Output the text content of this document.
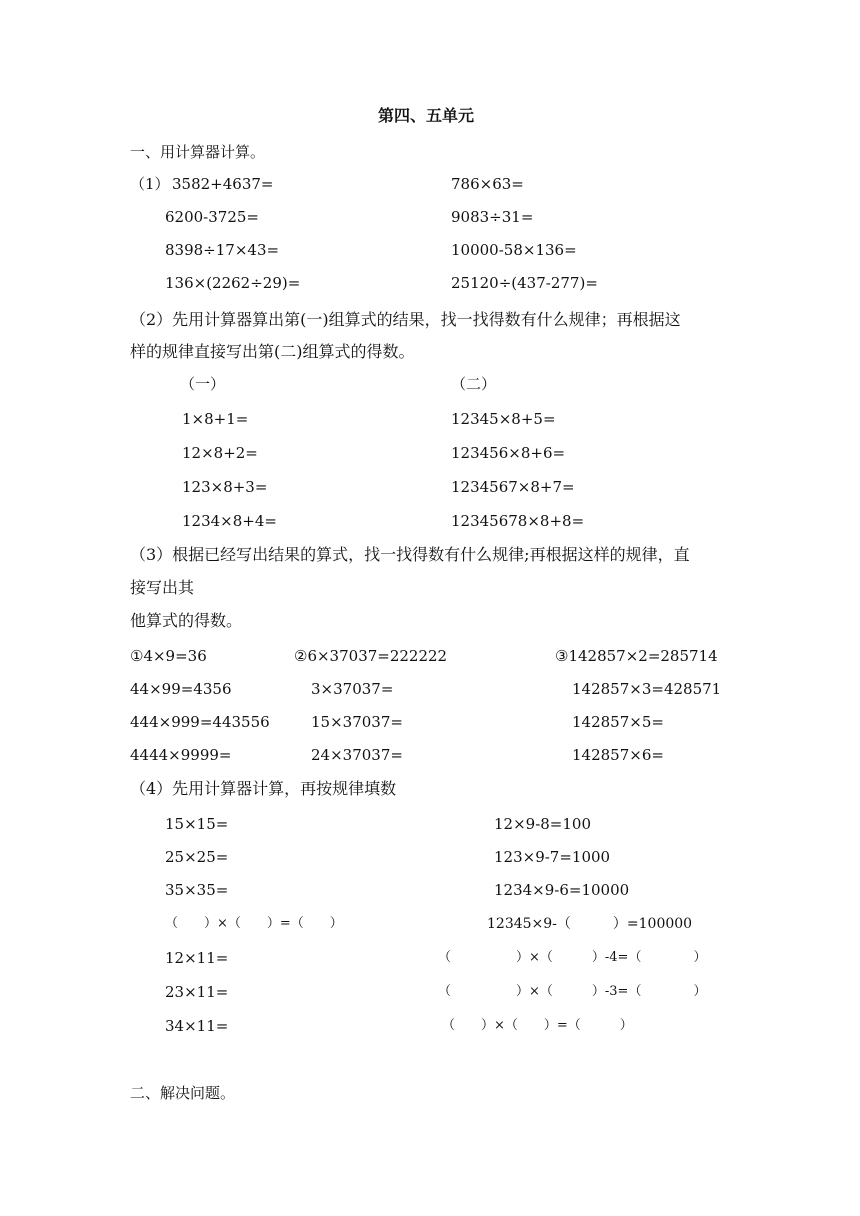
第四、五单元
一、用计算器计算。
（1） 3582+4637=
6200-3725=
8398÷17×43=
136×(2262÷29)=
786×63=
9083÷31=
10000-58×136=
25120÷(437-277)=
（2）先用计算器算出第(一)组算式的结果，找一找得数有什么规律；再根据这
样的规律直接写出第(二)组算式的得数。
（一）	（二）
1×8+1=
12×8+2=
123×8+3=
1234×8+4=
12345×8+5=
123456×8+6=
1234567×8+7=
12345678×8+8=
（3）根据已经写出结果的算式，找一找得数有什么规律;再根据这样的规律，直
接写出其
他算式的得数。
①4×9=36
44×99=4356
444×999=443556
4444×9999=
②6×37037=222222
3×37037=
15×37037=
24×37037=
③142857×2=285714
142857×3=428571
142857×5=
142857×6=
（4）先用计算器计算，再按规律填数
15×15=
25×25=
35×35=
（　　）×（　　）=（　　）
12×11=
23×11=
34×11=
12×9-8=100
123×9-7=1000
1234×9-6=10000
12345×9-（　　　）=100000
（　　　　　）×（　　　）-4=（　　　　）
（　　　　　）×（　　　）-3=（　　　　）
（　　）×（　　）=（　　　）
二、解决问题。
